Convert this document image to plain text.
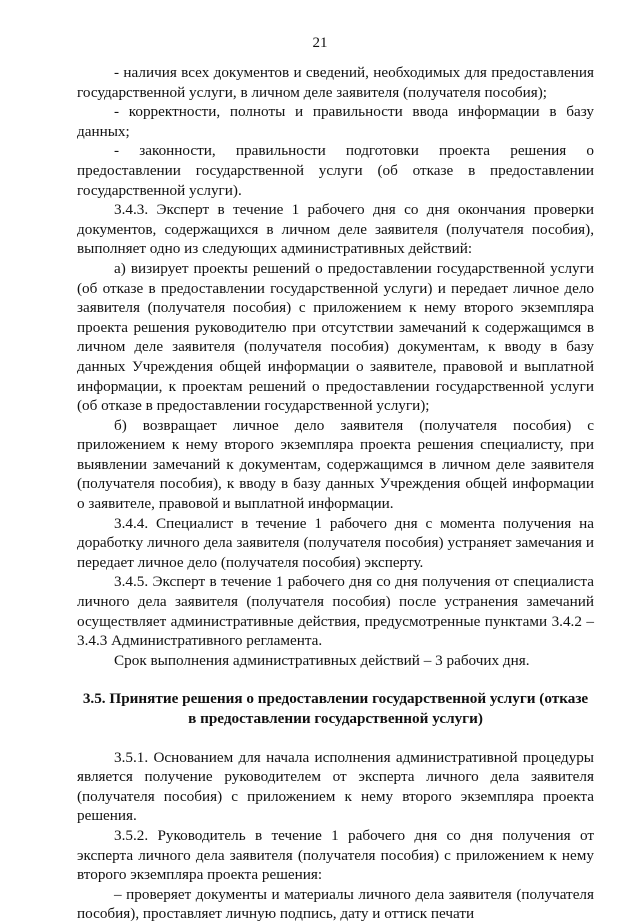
21

- наличия всех документов и сведений, необходимых для предоставления государственной услуги, в личном деле заявителя (получателя пособия);

- корректности, полноты и правильности ввода информации в базу данных;

- законности, правильности подготовки проекта решения о предоставлении государственной услуги (об отказе в предоставлении государственной услуги).

3.4.3. Эксперт в течение 1 рабочего дня со дня окончания проверки документов, содержащихся в личном деле заявителя (получателя пособия), выполняет одно из следующих административных действий:

а) визирует проекты решений о предоставлении государственной услуги (об отказе в предоставлении государственной услуги) и передает личное дело заявителя (получателя пособия) с приложением к нему второго экземпляра проекта решения руководителю при отсутствии замечаний к содержащимся в личном деле заявителя (получателя пособия) документам, к вводу в базу данных Учреждения общей информации о заявителе, правовой и выплатной информации, к проектам решений о предоставлении государственной услуги (об отказе в предоставлении государственной услуги);

б) возвращает личное дело заявителя (получателя пособия) с приложением к нему второго экземпляра проекта решения специалисту, при выявлении замечаний к документам, содержащимся в личном деле заявителя (получателя пособия), к вводу в базу данных Учреждения общей информации о заявителе, правовой и выплатной информации.

3.4.4. Специалист в течение 1 рабочего дня с момента получения на доработку личного дела заявителя (получателя пособия) устраняет замечания и передает личное дело (получателя пособия) эксперту.

3.4.5. Эксперт в течение 1 рабочего дня со дня получения от специалиста личного дела заявителя (получателя пособия) после устранения замечаний осуществляет административные действия, предусмотренные пунктами 3.4.2 – 3.4.3 Административного регламента.

Срок выполнения административных действий – 3 рабочих дня.

3.5. Принятие решения о предоставлении государственной услуги (отказе в предоставлении государственной услуги)

3.5.1. Основанием для начала исполнения административной процедуры является получение руководителем от эксперта личного дела заявителя (получателя пособия) с приложением к нему второго экземпляра проекта решения.

3.5.2. Руководитель в течение 1 рабочего дня со дня получения от эксперта личного дела заявителя (получателя пособия) с приложением к нему второго экземпляра проекта решения:

– проверяет документы и материалы личного дела заявителя (получателя пособия), проставляет личную подпись, дату и оттиск печати
